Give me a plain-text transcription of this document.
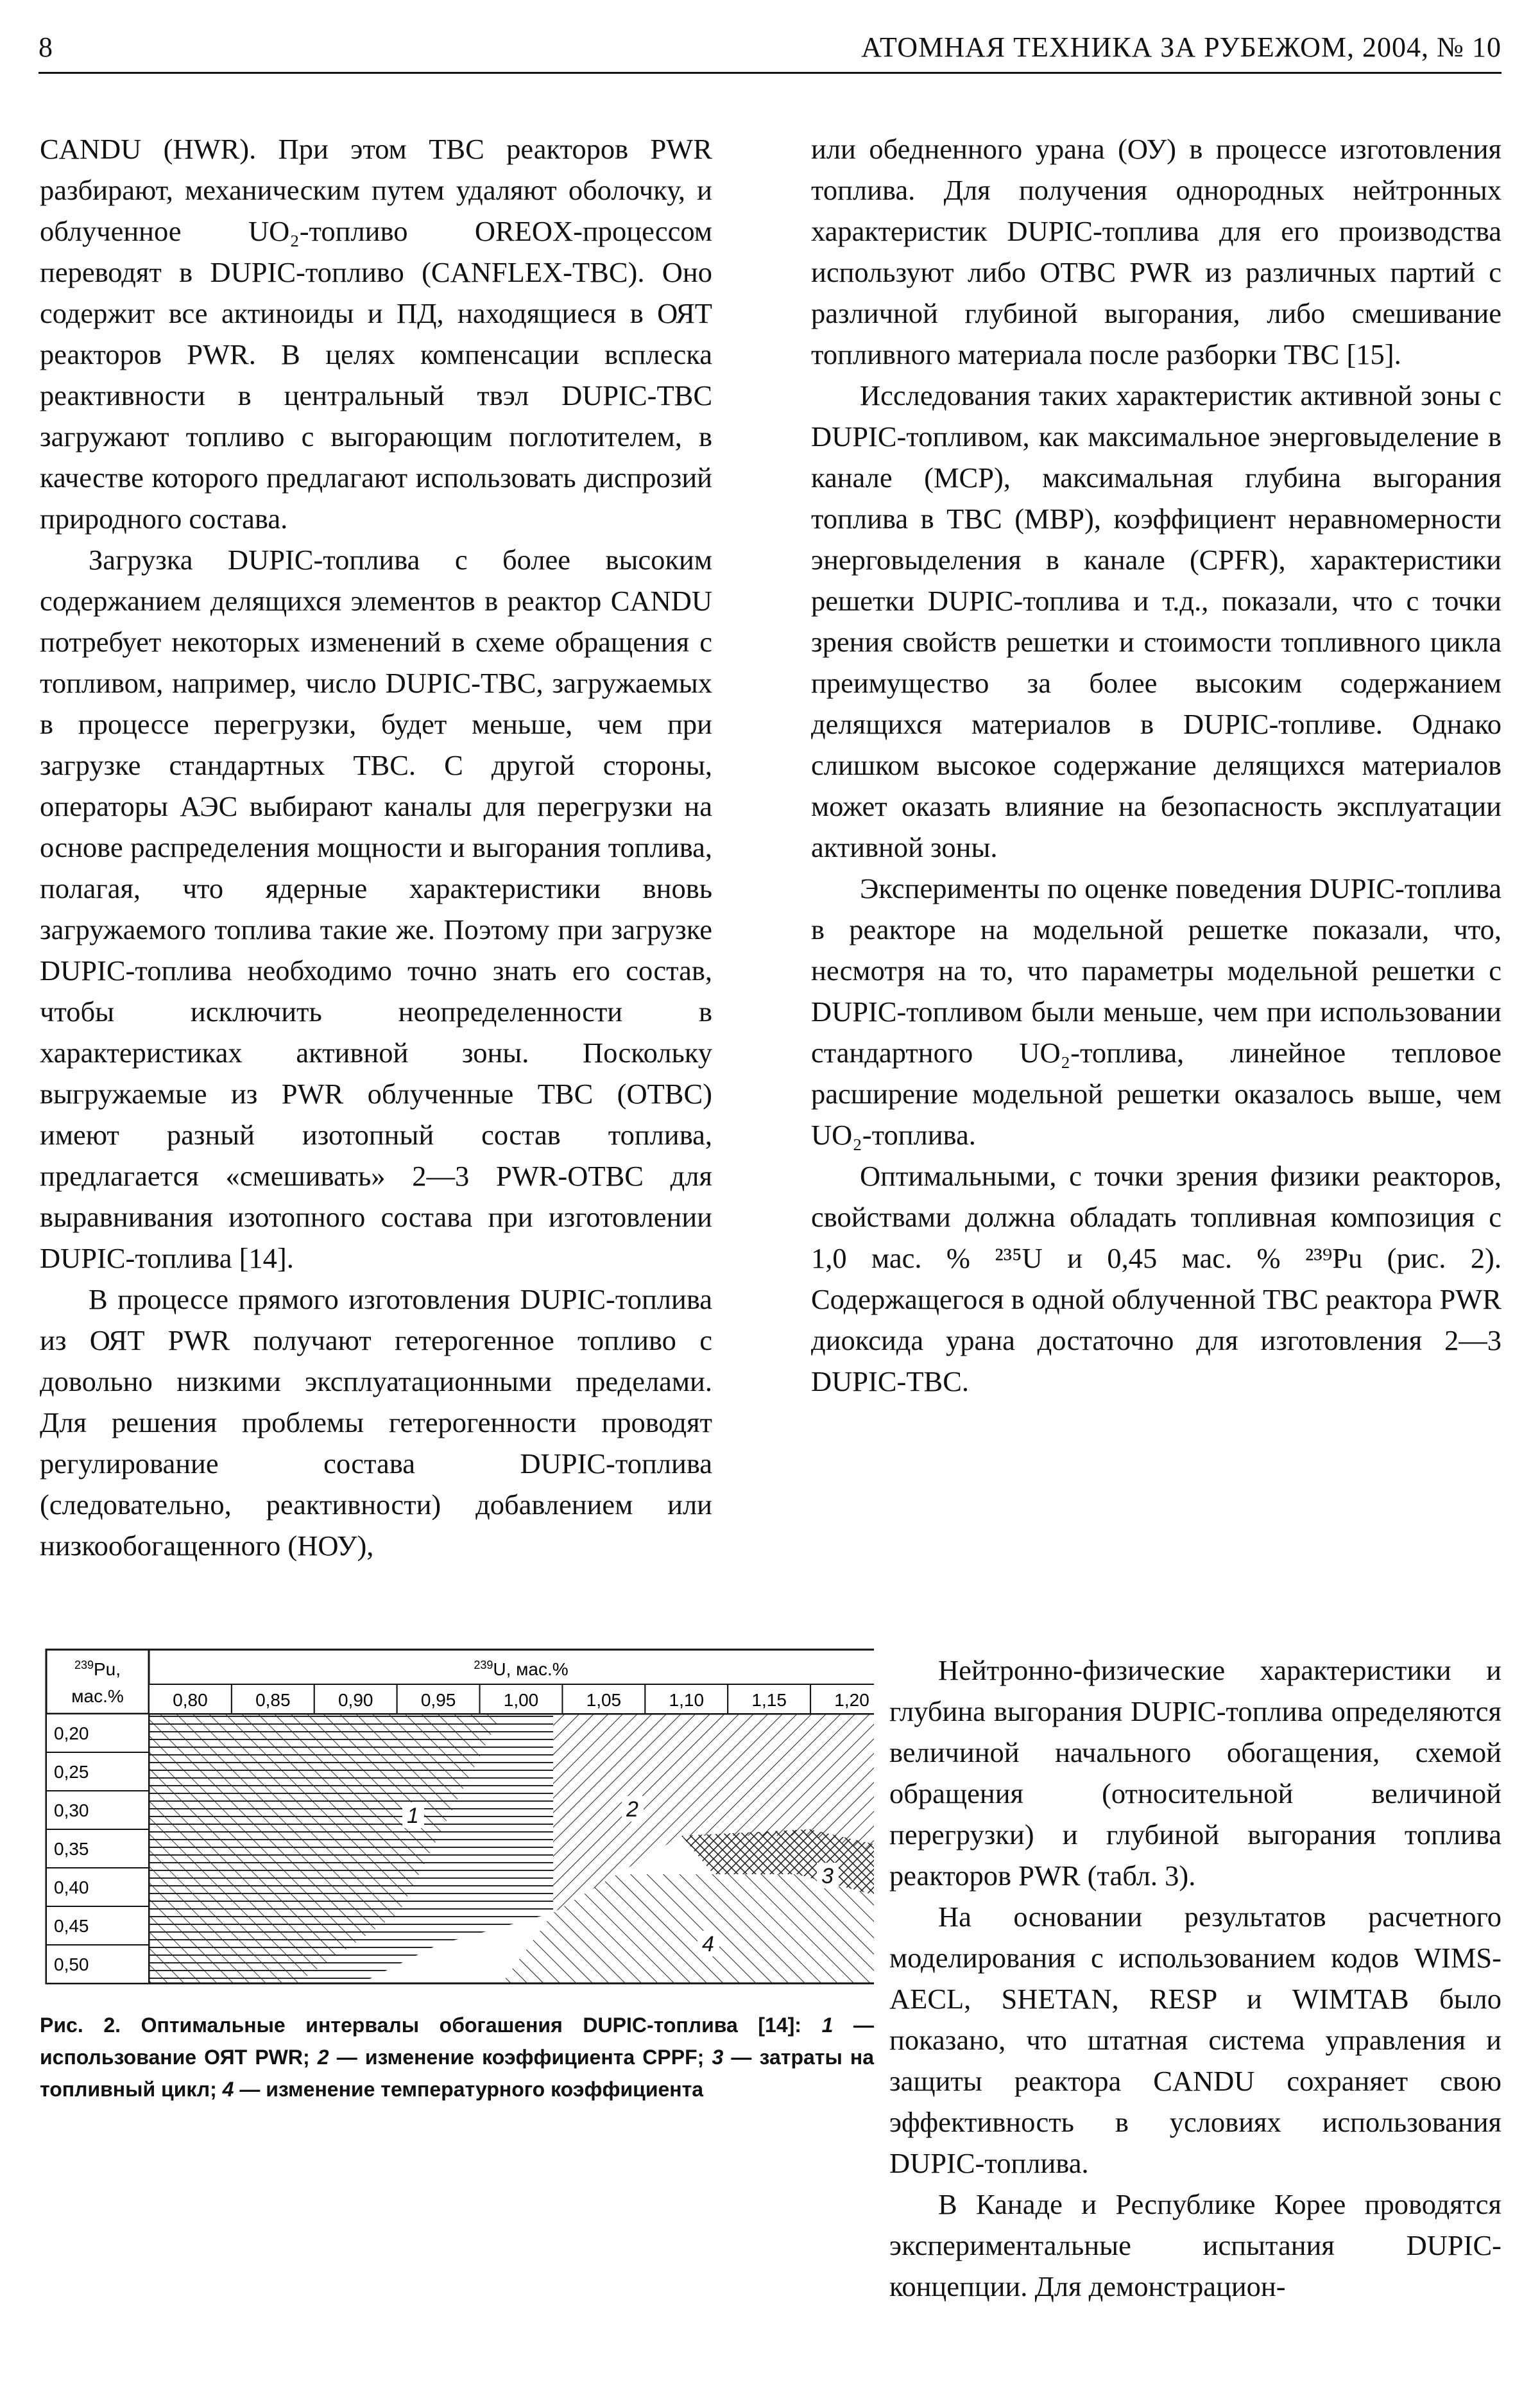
8	АТОМНАЯ ТЕХНИКА ЗА РУБЕЖОМ, 2004, № 10

CANDU (HWR). При этом ТВС реакторов PWR разбирают, механическим путем удаляют оболочку, и облученное UO₂-топливо OREOX-процессом переводят в DUPIC-топливо (CANFLEX-ТВС). Оно содержит все актиноиды и ПД, находящиеся в ОЯТ реакторов PWR. В целях компенсации всплеска реактивности в центральный твэл DUPIC-ТВС загружают топливо с выгорающим поглотителем, в качестве которого предлагают использовать диспрозий природного состава.

Загрузка DUPIC-топлива с более высоким содержанием делящихся элементов в реактор CANDU потребует некоторых изменений в схеме обращения с топливом, например, число DUPIC-ТВС, загружаемых в процессе перегрузки, будет меньше, чем при загрузке стандартных ТВС. С другой стороны, операторы АЭС выбирают каналы для перегрузки на основе распределения мощности и выгорания топлива, полагая, что ядерные характеристики вновь загружаемого топлива такие же. Поэтому при загрузке DUPIC-топлива необходимо точно знать его состав, чтобы исключить неопределенности в характеристиках активной зоны. Поскольку выгружаемые из PWR облученные ТВС (ОТВС) имеют разный изотопный состав топлива, предлагается «смешивать» 2—3 PWR-ОТВС для выравнивания изотопного состава при изготовлении DUPIC-топлива [14].

В процессе прямого изготовления DUPIC-топлива из ОЯТ PWR получают гетерогенное топливо с довольно низкими эксплуатационными пределами. Для решения проблемы гетерогенности проводят регулирование состава DUPIC-топлива (следовательно, реактивности) добавлением или низкообогащенного (НОУ),

или обедненного урана (ОУ) в процессе изготовления топлива. Для получения однородных нейтронных характеристик DUPIC-топлива для его производства используют либо ОТВС PWR из различных партий с различной глубиной выгорания, либо смешивание топливного материала после разборки ТВС [15].

Исследования таких характеристик активной зоны с DUPIC-топливом, как максимальное энерговыделение в канале (МСР), максимальная глубина выгорания топлива в ТВС (МВР), коэффициент неравномерности энерговыделения в канале (CPFR), характеристики решетки DUPIC-топлива и т.д., показали, что с точки зрения свойств решетки и стоимости топливного цикла преимущество за более высоким содержанием делящихся материалов в DUPIC-топливе. Однако слишком высокое содержание делящихся материалов может оказать влияние на безопасность эксплуатации активной зоны.

Эксперименты по оценке поведения DUPIC-топлива в реакторе на модельной решетке показали, что, несмотря на то, что параметры модельной решетки с DUPIC-топливом были меньше, чем при использовании стандартного UO₂-топлива, линейное тепловое расширение модельной решетки оказалось выше, чем UO₂-топлива.

Оптимальными, с точки зрения физики реакторов, свойствами должна обладать топливная композиция с 1,0 мас. % ²³⁵U и 0,45 мас. % ²³⁹Pu (рис. 2). Содержащегося в одной облученной ТВС реактора PWR диоксида урана достаточно для изготовления 2—3 DUPIC-ТВС.

Нейтронно-физические характеристики и глубина выгорания DUPIC-топлива определяются величиной начального обогащения, схемой обращения (относительной величиной перегрузки) и глубиной выгорания топлива реакторов PWR (табл. 3).

На основании результатов расчетного моделирования с использованием кодов WIMS-AECL, SHETAN, RESP и WIMTAB было показано, что штатная система управления и защиты реактора CANDU сохраняет свою эффективность в условиях использования DUPIC-топлива.

В Канаде и Республике Корее проводятся экспериментальные испытания DUPIC-концепции. Для демонстрацион-

$^{239}$Pu,
мас.%
$^{239}$U, мас.%
0,80	0,85	0,90	0,95	1,00	1,05	1,10	1,15	1,20
0,20
0,25
0,30
0,35
0,40
0,45
0,50
1	2
3
4
Рис. 2. Оптимальные интервалы обогашения DUPIC-топлива [14]: 1 — использование ОЯТ PWR; 2 — изменение коэффициента CPPF; 3 — затраты на топливный цикл; 4 — изменение температурного коэффициента
